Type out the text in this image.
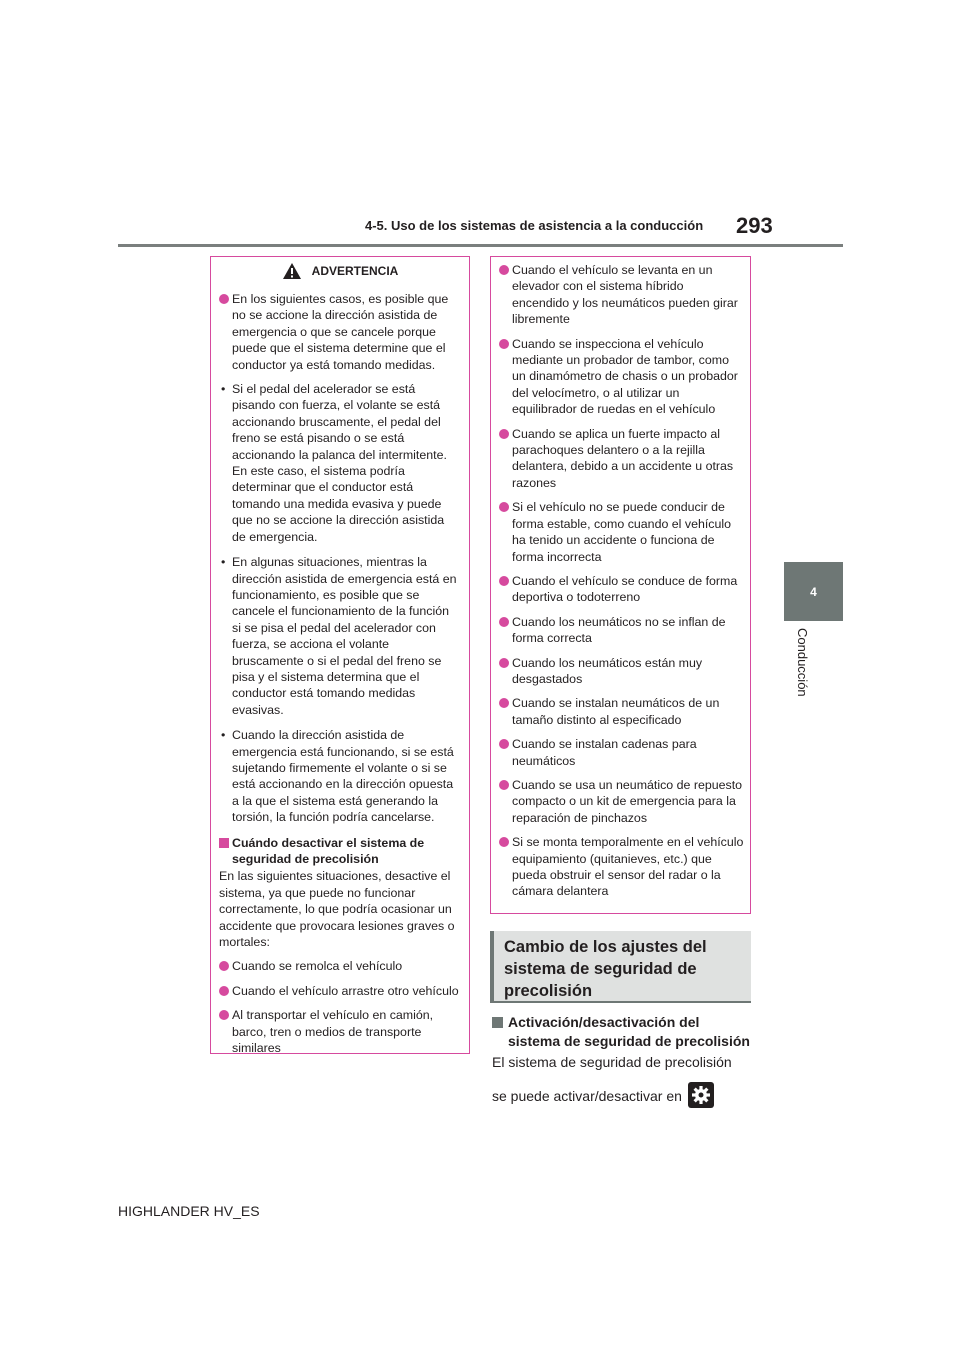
4-5. Uso de los sistemas de asistencia a la conducción 293
4
Conducción
ADVERTENCIA
En los siguientes casos, es posible que no se accione la dirección asistida de emergencia o que se cancele porque puede que el sistema determine que el conductor ya está tomando medidas.
• Si el pedal del acelerador se está pisando con fuerza, el volante se está accionando bruscamente, el pedal del freno se está pisando o se está accionando la palanca del intermitente. En este caso, el sistema podría determinar que el conductor está tomando una medida evasiva y puede que no se accione la dirección asistida de emergencia.
• En algunas situaciones, mientras la dirección asistida de emergencia está en funcionamiento, es posible que se cancele el funcionamiento de la función si se pisa el pedal del acelerador con fuerza, se acciona el volante bruscamente o si el pedal del freno se pisa y el sistema determina que el conductor está tomando medidas evasivas.
• Cuando la dirección asistida de emergencia está funcionando, si se está sujetando firmemente el volante o si se está accionando en la dirección opuesta a la que el sistema está generando la torsión, la función podría cancelarse.
Cuándo desactivar el sistema de seguridad de precolisión
En las siguientes situaciones, desactive el sistema, ya que puede no funcionar correctamente, lo que podría ocasionar un accidente que provocara lesiones graves o mortales:
Cuando se remolca el vehículo
Cuando el vehículo arrastre otro vehículo
Al transportar el vehículo en camión, barco, tren o medios de transporte similares
Cuando el vehículo se levanta en un elevador con el sistema híbrido encendido y los neumáticos pueden girar libremente
Cuando se inspecciona el vehículo mediante un probador de tambor, como un dinamómetro de chasis o un probador del velocímetro, o al utilizar un equilibrador de ruedas en el vehículo
Cuando se aplica un fuerte impacto al parachoques delantero o a la rejilla delantera, debido a un accidente u otras razones
Si el vehículo no se puede conducir de forma estable, como cuando el vehículo ha tenido un accidente o funciona de forma incorrecta
Cuando el vehículo se conduce de forma deportiva o todoterreno
Cuando los neumáticos no se inflan de forma correcta
Cuando los neumáticos están muy desgastados
Cuando se instalan neumáticos de un tamaño distinto al especificado
Cuando se instalan cadenas para neumáticos
Cuando se usa un neumático de repuesto compacto o un kit de emergencia para la reparación de pinchazos
Si se monta temporalmente en el vehículo equipamiento (quitanieves, etc.) que pueda obstruir el sensor del radar o la cámara delantera
Cambio de los ajustes del sistema de seguridad de precolisión
Activación/desactivación del sistema de seguridad de precolisión
El sistema de seguridad de precolisión
se puede activar/desactivar en
HIGHLANDER HV_ES
